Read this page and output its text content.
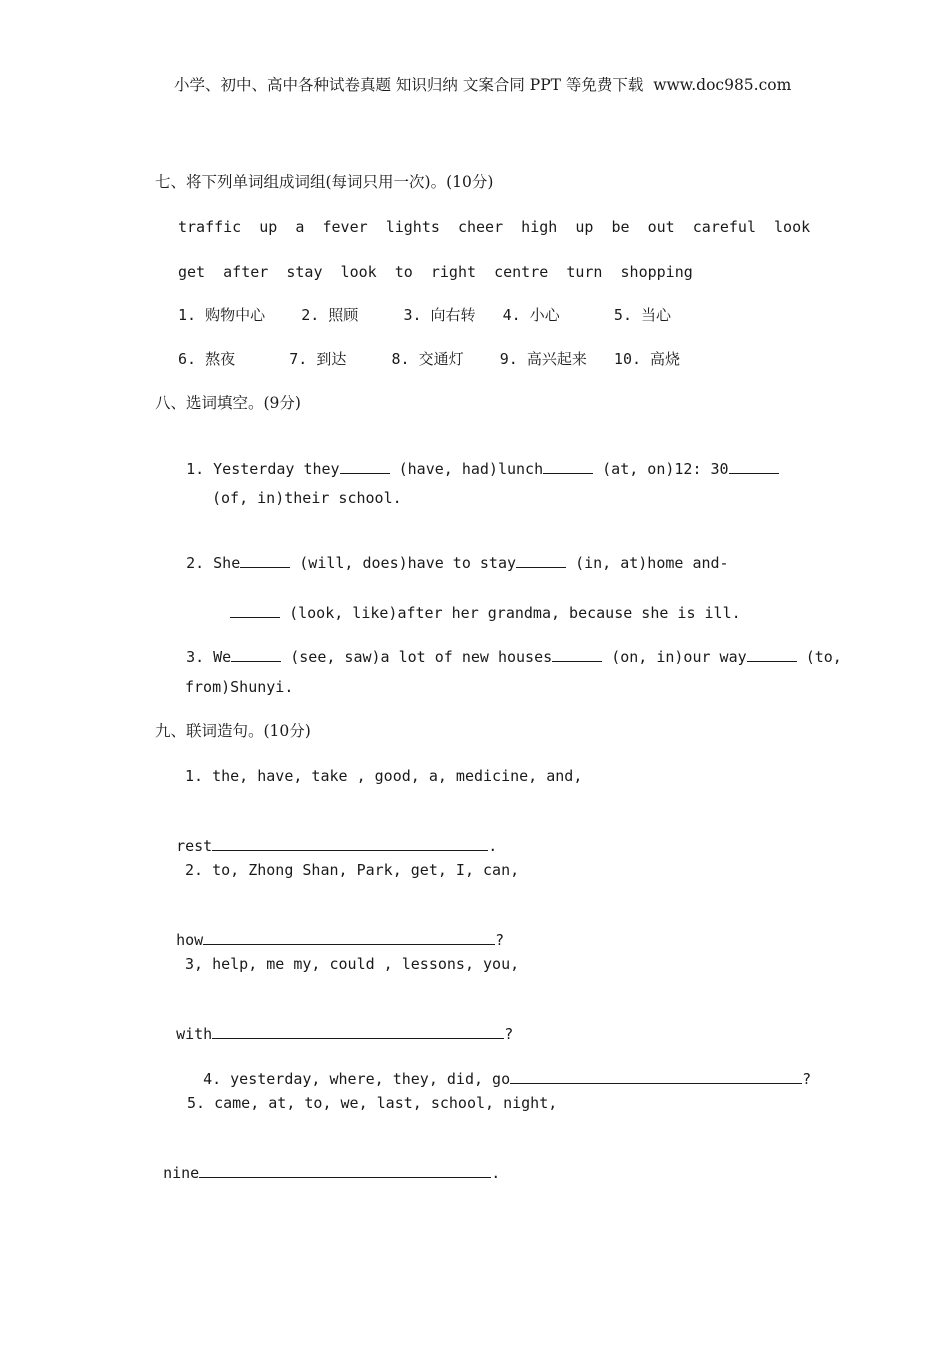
小学、初中、高中各种试卷真题 知识归纳 文案合同 PPT 等免费下载  www.doc985.com
七、将下列单词组成词组(每词只用一次)。(10分)
traffic  up  a  fever  lights  cheer  high  up  be  out  careful  look
get  after  stay  look  to  right  centre  turn  shopping
1. 购物中心    2. 照顾     3. 向右转   4. 小心      5. 当心
6. 熬夜      7. 到达     8. 交通灯    9. 高兴起来   10. 高烧
八、选词填空。(9分)

1. Yesterday they	(have, had)lunch	(at, on)12: 30

(of, in)their school.

2. She	(will, does)have to stay	(in, at)home and-

(look, like)after her grandma, because she is ill.

3. We	(see, saw)a lot of new houses	(on, in)our way	(to,

from)Shunyi.
九、联词造句。(10分)
1. the, have, take , good, a, medicine, and,

rest	.

2. to, Zhong Shan, Park, get, I, can,

how	?

3, help, me my, could , lessons, you,

with	?

4. yesterday, where, they, did, go	?

5. came, at, to, we, last, school, night,

nine	.
